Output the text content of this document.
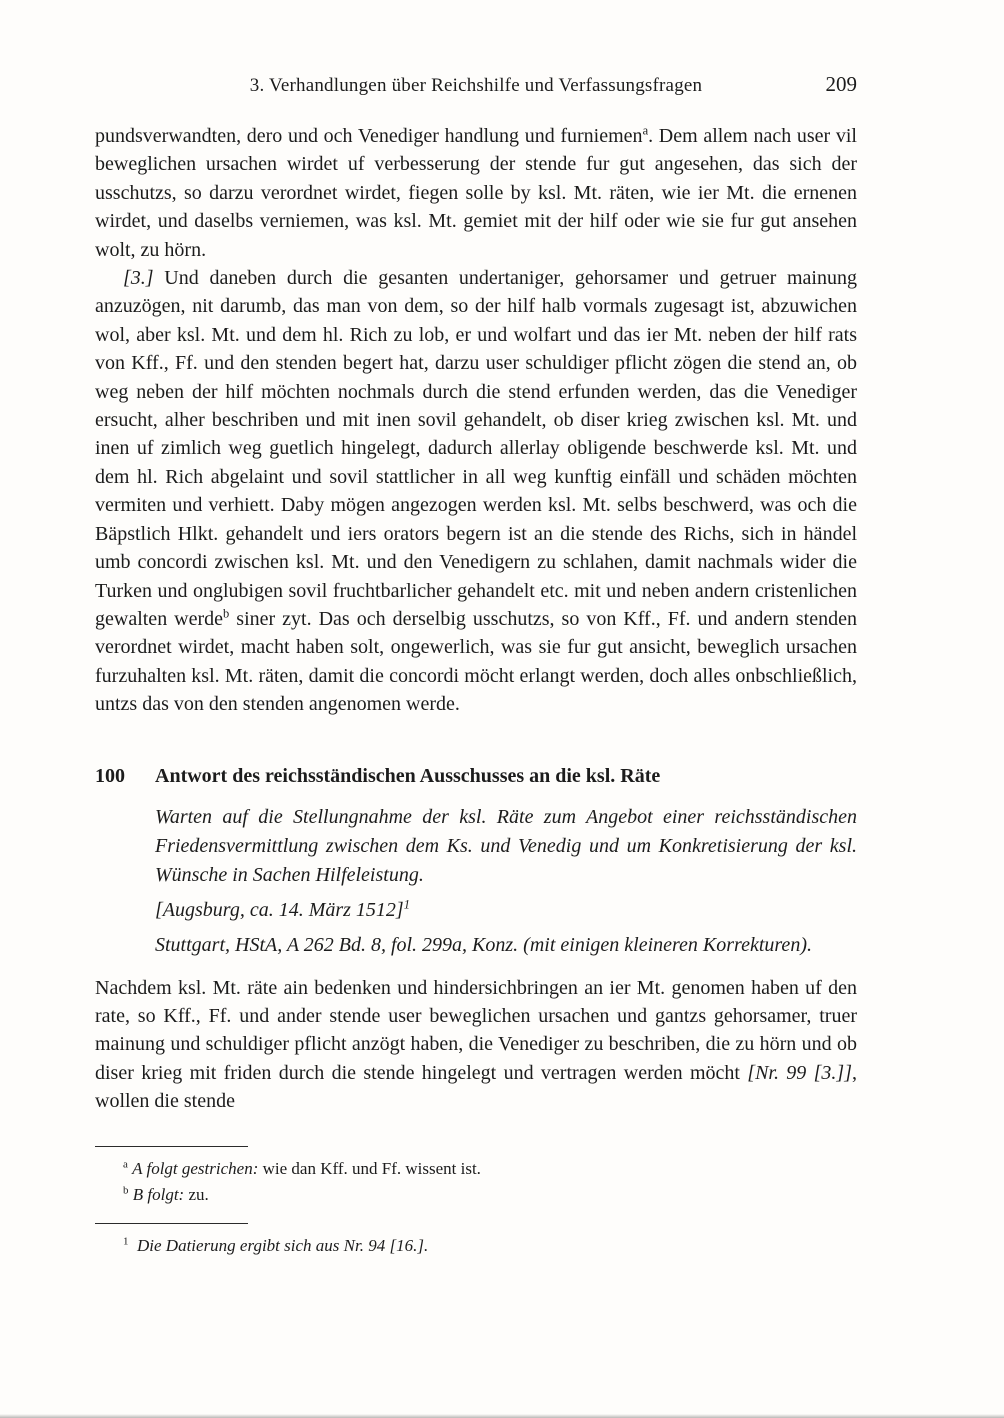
3. Verhandlungen über Reichshilfe und Verfassungsfragen	209

pundsverwandten, dero und och Venediger handlung und furniemen$^a$. Dem allem nach user vil beweglichen ursachen wirdet uf verbesserung der stende fur gut angesehen, das sich der usschutzs, so darzu verordnet wirdet, fiegen solle by ksl. Mt. räten, wie ier Mt. die ernenen wirdet, und daselbs verniemen, was ksl. Mt. gemiet mit der hilf oder wie sie fur gut ansehen wolt, zu hörn.

[3.] Und daneben durch die gesanten undertaniger, gehorsamer und getruer mainung anzuzögen, nit darumb, das man von dem, so der hilf halb vormals zugesagt ist, abzuwichen wol, aber ksl. Mt. und dem hl. Rich zu lob, er und wolfart und das ier Mt. neben der hilf rats von Kff., Ff. und den stenden begert hat, darzu user schuldiger pflicht zögen die stend an, ob weg neben der hilf möchten nochmals durch die stend erfunden werden, das die Venediger ersucht, alher beschriben und mit inen sovil gehandelt, ob diser krieg zwischen ksl. Mt. und inen uf zimlich weg guetlich hingelegt, dadurch allerlay obligende beschwerde ksl. Mt. und dem hl. Rich abgelaint und sovil stattlicher in all weg kunftig einfäll und schäden möchten vermiten und verhiett. Daby mögen angezogen werden ksl. Mt. selbs beschwerd, was och die Bäpstlich Hlkt. gehandelt und iers orators begern ist an die stende des Richs, sich in händel umb concordi zwischen ksl. Mt. und den Venedigern zu schlahen, damit nachmals wider die Turken und onglubigen sovil fruchtbarlicher gehandelt etc. mit und neben andern cristenlichen gewalten werde$^b$ siner zyt. Das och derselbig usschutzs, so von Kff., Ff. und andern stenden verordnet wirdet, macht haben solt, ongewerlich, was sie fur gut ansicht, beweglich ursachen furzuhalten ksl. Mt. räten, damit die concordi möcht erlangt werden, doch alles onbschließlich, untzs das von den stenden angenomen werde.

100	Antwort des reichsständischen Ausschusses an die ksl. Räte

Warten auf die Stellungnahme der ksl. Räte zum Angebot einer reichsständischen Friedensvermittlung zwischen dem Ks. und Venedig und um Konkretisierung der ksl. Wünsche in Sachen Hilfeleistung.

[Augsburg, ca. 14. März 1512]$^1$

Stuttgart, HStA, A 262 Bd. 8, fol. 299a, Konz. (mit einigen kleineren Korrekturen).

Nachdem ksl. Mt. räte ain bedenken und hindersichbringen an ier Mt. genomen haben uf den rate, so Kff., Ff. und ander stende user beweglichen ursachen und gantzs gehorsamer, truer mainung und schuldiger pflicht anzögt haben, die Venediger zu beschriben, die zu hörn und ob diser krieg mit friden durch die stende hingelegt und vertragen werden möcht [Nr. 99 [3.]], wollen die stende

$^a$ A folgt gestrichen: wie dan Kff. und Ff. wissent ist.

$^b$ B folgt: zu.

$^1$ Die Datierung ergibt sich aus Nr. 94 [16.].
